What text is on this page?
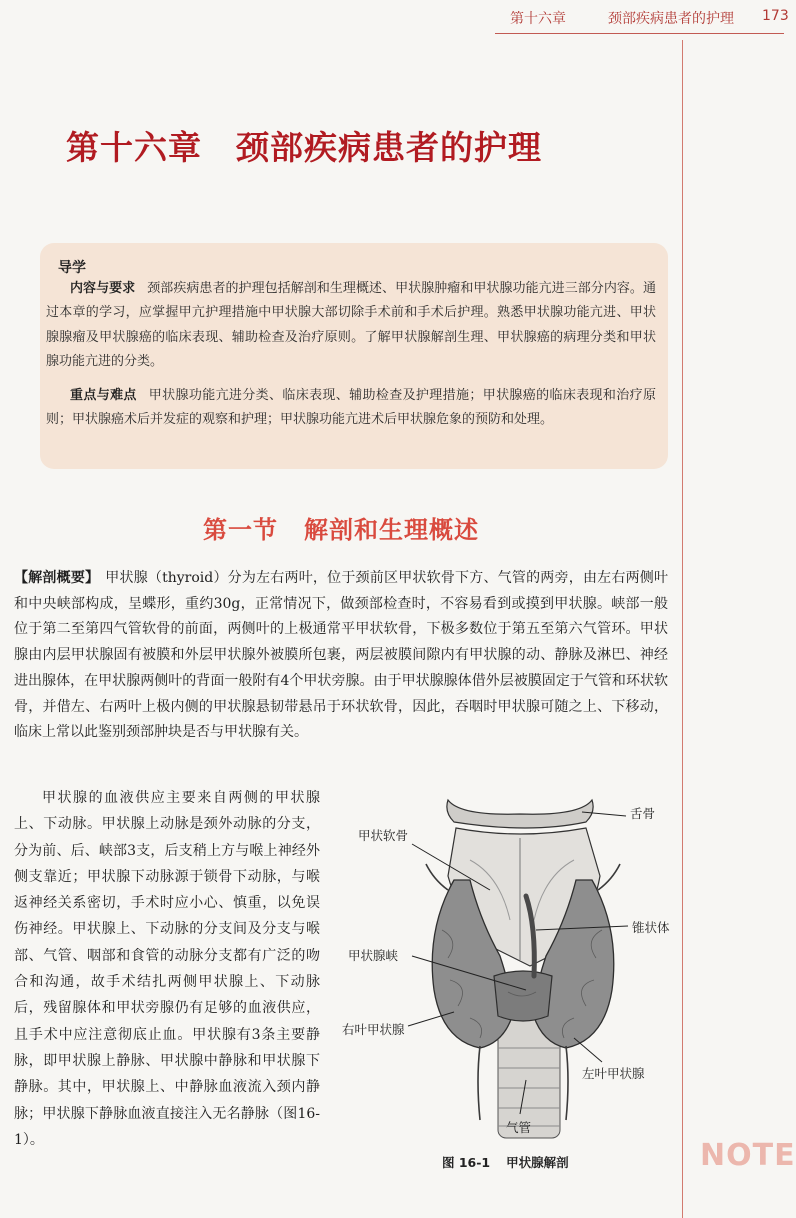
第十六章	颈部疾病患者的护理 173
第十六章 颈部疾病患者的护理
导学
内容与要求 颈部疾病患者的护理包括解剖和生理概述、甲状腺肿瘤和甲状腺功能亢进三部分内容。通过本章的学习，应掌握甲亢护理措施中甲状腺大部切除手术前和手术后护理。熟悉甲状腺功能亢进、甲状腺腺瘤及甲状腺癌的临床表现、辅助检查及治疗原则。了解甲状腺解剖生理、甲状腺癌的病理分类和甲状腺功能亢进的分类。
重点与难点 甲状腺功能亢进分类、临床表现、辅助检查及护理措施；甲状腺癌的临床表现和治疗原则；甲状腺癌术后并发症的观察和护理；甲状腺功能亢进术后甲状腺危象的预防和处理。
第一节 解剖和生理概述
【解剖概要】 甲状腺（thyroid）分为左右两叶，位于颈前区甲状软骨下方、气管的两旁，由左右两侧叶和中央峡部构成，呈蝶形，重约30g，正常情况下，做颈部检查时，不容易看到或摸到甲状腺。峡部一般位于第二至第四气管软骨的前面，两侧叶的上极通常平甲状软骨，下极多数位于第五至第六气管环。甲状腺由内层甲状腺固有被膜和外层甲状腺外被膜所包裹，两层被膜间隙内有甲状腺的动、静脉及淋巴、神经进出腺体，在甲状腺两侧叶的背面一般附有4个甲状旁腺。由于甲状腺腺体借外层被膜固定于气管和环状软骨，并借左、右两叶上极内侧的甲状腺悬韧带悬吊于环状软骨，因此，吞咽时甲状腺可随之上、下移动，临床上常以此鉴别颈部肿块是否与甲状腺有关。
甲状腺的血液供应主要来自两侧的甲状腺上、下动脉。甲状腺上动脉是颈外动脉的分支，分为前、后、峡部3支，后支稍上方与喉上神经外侧支靠近；甲状腺下动脉源于锁骨下动脉，与喉返神经关系密切，手术时应小心、慎重，以免误伤神经。甲状腺上、下动脉的分支间及分支与喉部、气管、咽部和食管的动脉分支都有广泛的吻合和沟通，故手术结扎两侧甲状腺上、下动脉后，残留腺体和甲状旁腺仍有足够的血液供应，且手术中应注意彻底止血。甲状腺有3条主要静脉，即甲状腺上静脉、甲状腺中静脉和甲状腺下静脉。其中，甲状腺上、中静脉血液流入颈内静脉；甲状腺下静脉血液直接注入无名静脉（图16-1）。
舌骨
甲状软骨
锥状体
甲状腺峡
右叶甲状腺
左叶甲状腺
气管
图 16-1 甲状腺解剖	NOTE
